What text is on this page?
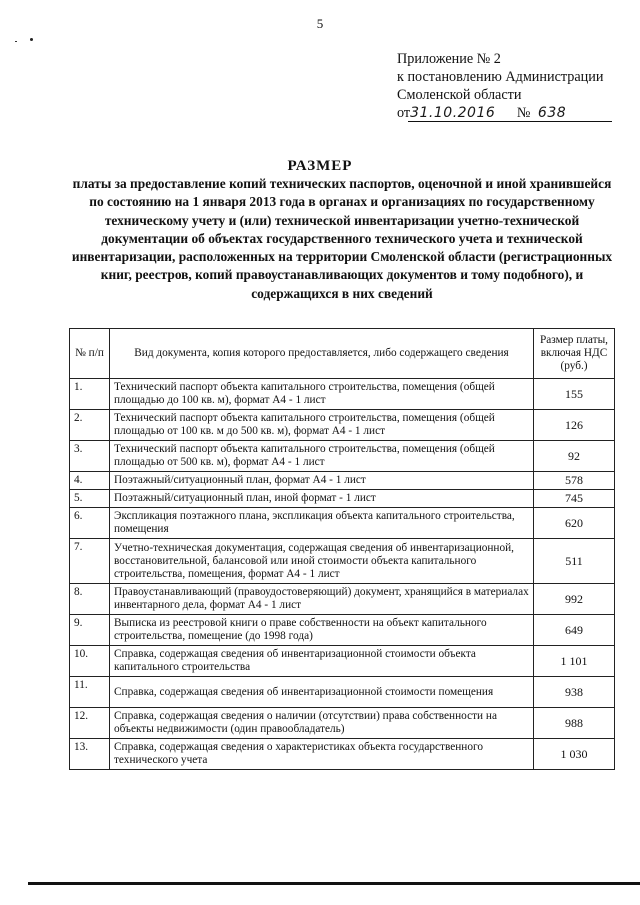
5
Приложение № 2
к постановлению Администрации
Смоленской области
от31.10.2016 № 638
РАЗМЕР
платы за предоставление копий технических паспортов, оценочной и иной хранившейся по состоянию на 1 января 2013 года в органах и организациях по государственному техническому учету и (или) технической инвентаризации учетно-технической документации об объектах государственного технического учета и технической инвентаризации, расположенных на территории Смоленской области (регистрационных книг, реестров, копий правоустанавливающих документов и тому подобного), и содержащихся в них сведений
№ п/п	Вид документа, копия которого предоставляется, либо содержащего сведения	Размер платы, включая НДС (руб.)
1.	Технический паспорт объекта капитального строительства, помещения (общей площадью до 100 кв. м), формат А4 - 1 лист	155
2.	Технический паспорт объекта капитального строительства, помещения (общей площадью от 100 кв. м до 500 кв. м), формат А4 - 1 лист	126
3.	Технический паспорт объекта капитального строительства, помещения (общей площадью от 500 кв. м), формат А4 - 1 лист	92
4.	Поэтажный/ситуационный план, формат А4 - 1 лист	578
5.	Поэтажный/ситуационный план, иной формат - 1 лист	745
6.	Экспликация поэтажного плана, экспликация объекта капитального строительства, помещения	620
7.	Учетно-техническая документация, содержащая сведения об инвентаризационной, восстановительной, балансовой или иной стоимости объекта капитального строительства, помещения, формат А4 - 1 лист	511
8.	Правоустанавливающий (правоудостоверяющий) документ, хранящийся в материалах инвентарного дела, формат А4 - 1 лист	992
9.	Выписка из реестровой книги о праве собственности на объект капитального строительства, помещение (до 1998 года)	649
10.	Справка, содержащая сведения об инвентаризационной стоимости объекта капитального строительства	1 101
11.	Справка, содержащая сведения об инвентаризационной стоимости помещения	938
12.	Справка, содержащая сведения о наличии (отсутствии) права собственности на объекты недвижимости (один правообладатель)	988
13.	Справка, содержащая сведения о характеристиках объекта государственного технического учета	1 030
